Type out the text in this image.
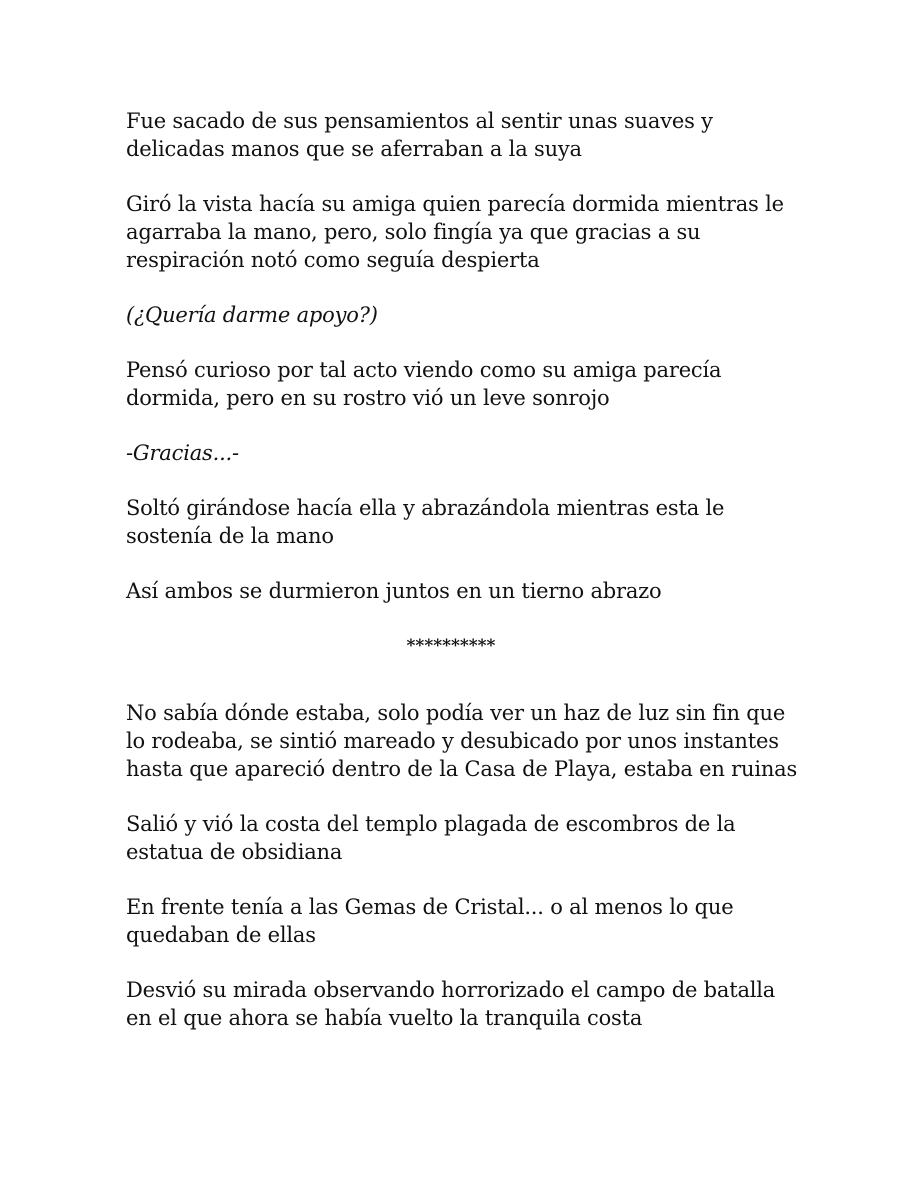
Fue sacado de sus pensamientos al sentir unas suaves y delicadas manos que se aferraban a la suya

Giró la vista hacía su amiga quien parecía dormida mientras le agarraba la mano, pero, solo fingía ya que gracias a su respiración notó como seguía despierta

(¿Quería darme apoyo?)

Pensó curioso por tal acto viendo como su amiga parecía dormida, pero en su rostro vió un leve sonrojo

-Gracias...-

Soltó girándose hacía ella y abrazándola mientras esta le sostenía de la mano

Así ambos se durmieron juntos en un tierno abrazo

**********

No sabía dónde estaba, solo podía ver un haz de luz sin fin que lo rodeaba, se sintió mareado y desubicado por unos instantes hasta que apareció dentro de la Casa de Playa, estaba en ruinas

Salió y vió la costa del templo plagada de escombros de la estatua de obsidiana

En frente tenía a las Gemas de Cristal... o al menos lo que quedaban de ellas

Desvió su mirada observando horrorizado el campo de batalla en el que ahora se había vuelto la tranquila costa
